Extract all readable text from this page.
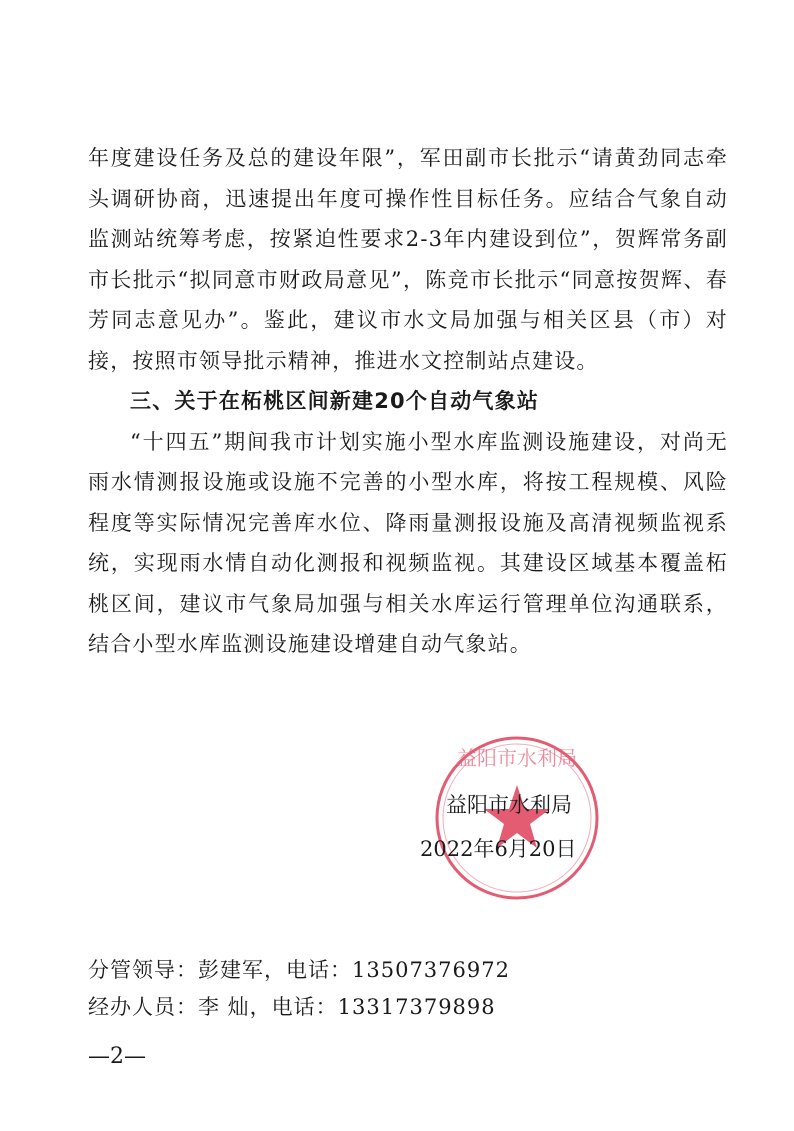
年度建设任务及总的建设年限”，军田副市长批示“请黄劲同志牵头调研协商，迅速提出年度可操作性目标任务。应结合气象自动监测站统筹考虑，按紧迫性要求2-3年内建设到位”，贺辉常务副市长批示“拟同意市财政局意见”，陈竞市长批示“同意按贺辉、春芳同志意见办”。鉴此，建议市水文局加强与相关区县（市）对接，按照市领导批示精神，推进水文控制站点建设。

三、关于在柘桃区间新建20个自动气象站

“十四五”期间我市计划实施小型水库监测设施建设，对尚无雨水情测报设施或设施不完善的小型水库，将按工程规模、风险程度等实际情况完善库水位、降雨量测报设施及高清视频监视系统，实现雨水情自动化测报和视频监视。其建设区域基本覆盖柘桃区间，建议市气象局加强与相关水库运行管理单位沟通联系，结合小型水库监测设施建设增建自动气象站。

益阳市水利局
益阳市水利局
2022年6月20日
分管领导：彭建军，电话：13507376972
经办人员：李 灿，电话：13317379898
—2—
